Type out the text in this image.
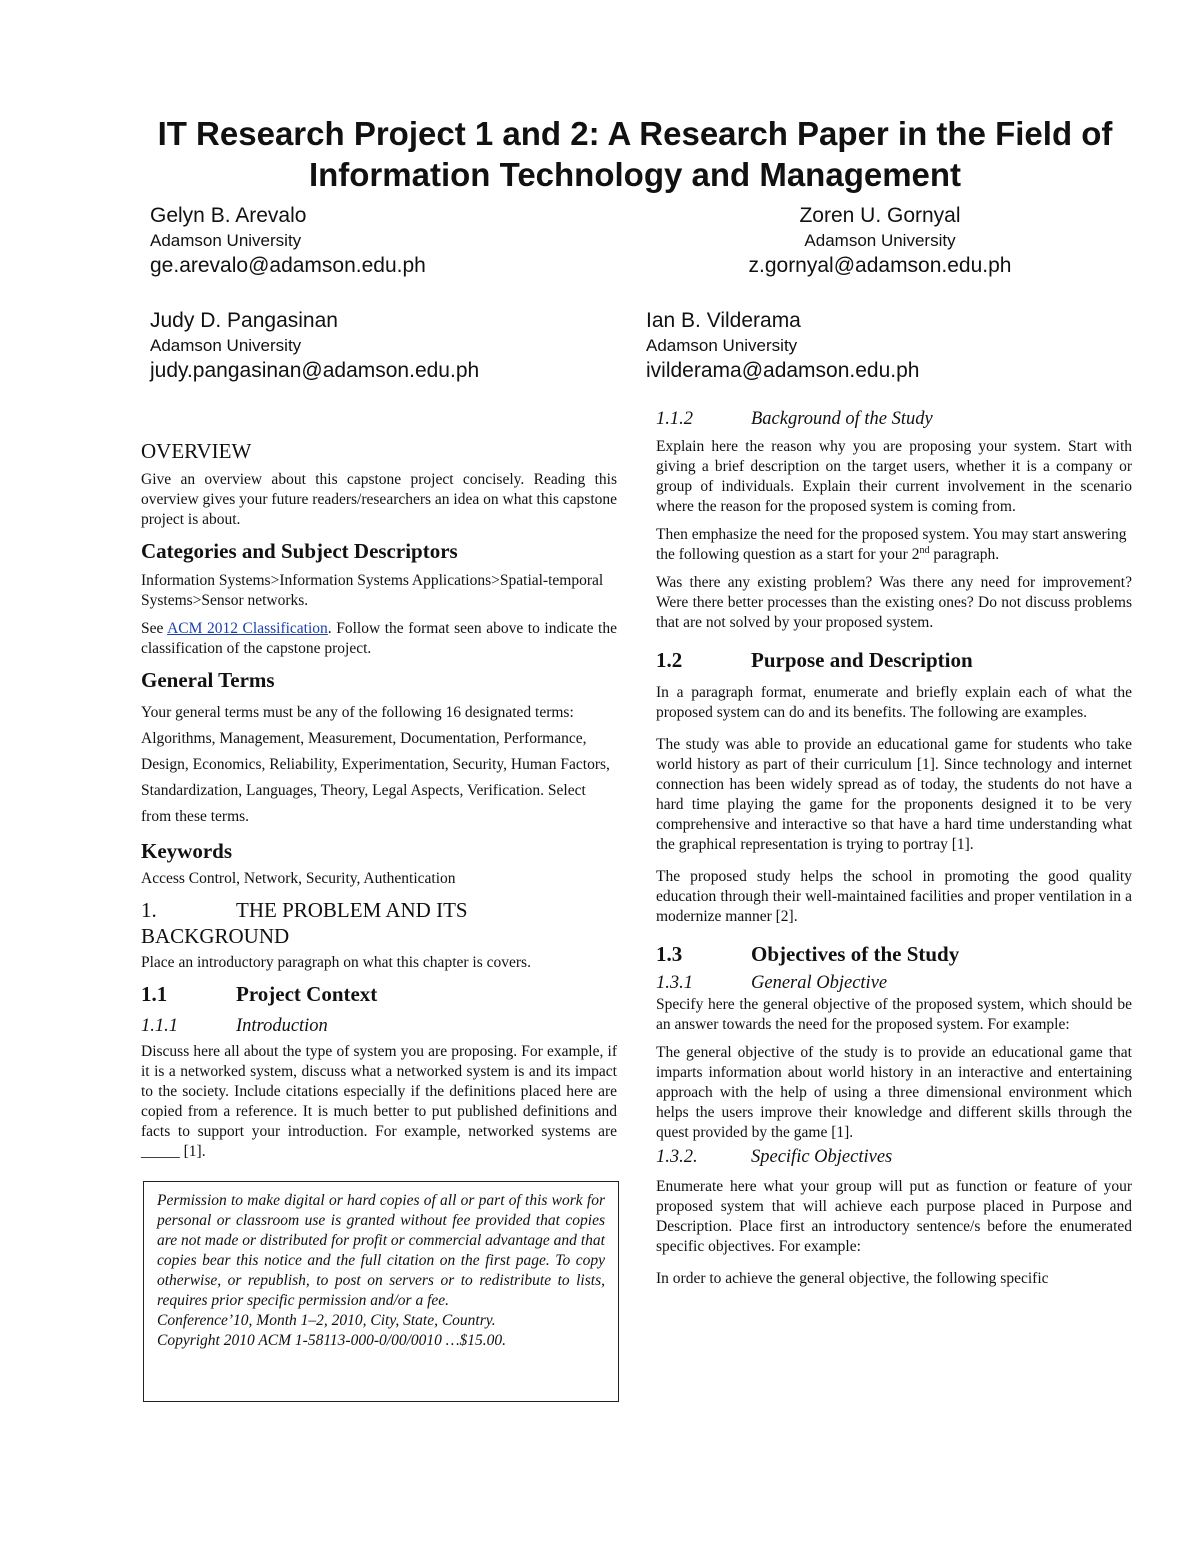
IT Research Project 1 and 2: A Research Paper in the Field of Information Technology and Management
Gelyn B. Arevalo
Adamson University
ge.arevalo@adamson.edu.ph
Zoren U. Gornyal
Adamson University
z.gornyal@adamson.edu.ph
Judy D. Pangasinan
Adamson University
judy.pangasinan@adamson.edu.ph
Ian B. Vilderama
Adamson University
ivilderama@adamson.edu.ph
OVERVIEW

Give an overview about this capstone project concisely. Reading this overview gives your future readers/researchers an idea on what this capstone project is about.

Categories and Subject Descriptors

Information Systems>Information Systems Applications>Spatial-temporal Systems>Sensor networks.

See ACM 2012 Classification. Follow the format seen above to indicate the classification of the capstone project.

General Terms

Your general terms must be any of the following 16 designated terms: Algorithms, Management, Measurement, Documentation, Performance, Design, Economics, Reliability, Experimentation, Security, Human Factors, Standardization, Languages, Theory, Legal Aspects, Verification. Select from these terms.

Keywords

Access Control, Network, Security, Authentication

1.	THE PROBLEM AND ITS
BACKGROUND

Place an introductory paragraph on what this chapter is covers.

1.1	Project Context
1.1.1	Introduction

Discuss here all about the type of system you are proposing. For example, if it is a networked system, discuss what a networked system is and its impact to the society. Include citations especially if the definitions placed here are copied from a reference. It is much better to put published definitions and facts to support your introduction. For example, networked systems are _____ [1].

Permission to make digital or hard copies of all or part of this work for personal or classroom use is granted without fee provided that copies are not made or distributed for profit or commercial advantage and that copies bear this notice and the full citation on the first page. To copy otherwise, or republish, to post on servers or to redistribute to lists, requires prior specific permission and/or a fee.

Conference’10, Month 1–2, 2010, City, State, Country.

Copyright 2010 ACM 1-58113-000-0/00/0010 …$15.00.

1.1.2	Background of the Study

Explain here the reason why you are proposing your system. Start with giving a brief description on the target users, whether it is a company or group of individuals. Explain their current involvement in the scenario where the reason for the proposed system is coming from.

Then emphasize the need for the proposed system. You may start answering the following question as a start for your 2nd paragraph.

Was there any existing problem? Was there any need for improvement? Were there better processes than the existing ones? Do not discuss problems that are not solved by your proposed system.

1.2	Purpose and Description

In a paragraph format, enumerate and briefly explain each of what the proposed system can do and its benefits. The following are examples.

The study was able to provide an educational game for students who take world history as part of their curriculum [1]. Since technology and internet connection has been widely spread as of today, the students do not have a hard time playing the game for the proponents designed it to be very comprehensive and interactive so that have a hard time understanding what the graphical representation is trying to portray [1].

The proposed study helps the school in promoting the good quality education through their well-maintained facilities and proper ventilation in a modernize manner [2].

1.3	Objectives of the Study
1.3.1	General Objective

Specify here the general objective of the proposed system, which should be an answer towards the need for the proposed system. For example:

The general objective of the study is to provide an educational game that imparts information about world history in an interactive and entertaining approach with the help of using a three dimensional environment which helps the users improve their knowledge and different skills through the quest provided by the game [1].

1.3.2.	Specific Objectives

Enumerate here what your group will put as function or feature of your proposed system that will achieve each purpose placed in Purpose and Description. Place first an introductory sentence/s before the enumerated specific objectives. For example:

In order to achieve the general objective, the following specific
